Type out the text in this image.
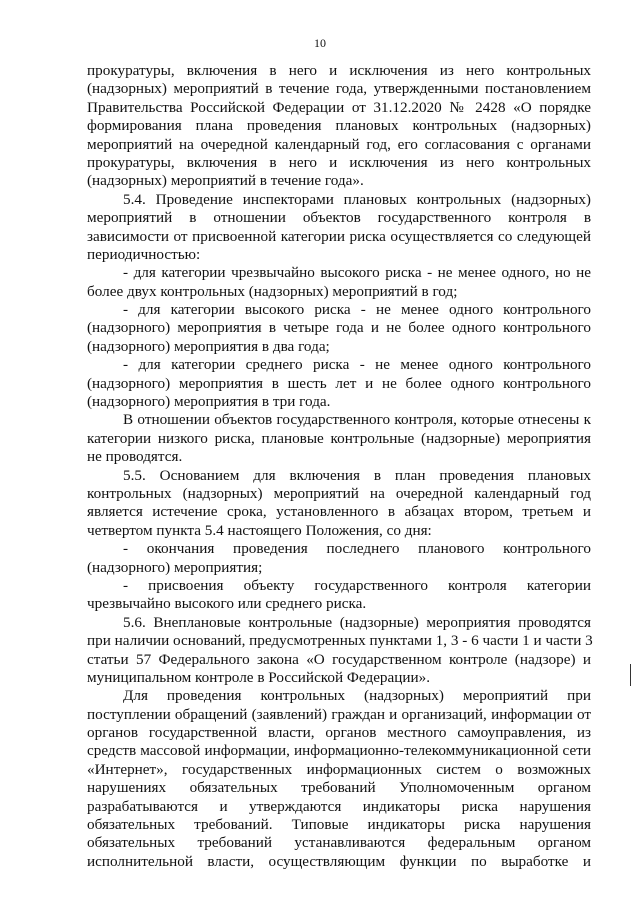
10
прокуратуры, включения в него и исключения из него контрольных
(надзорных) мероприятий в течение года, утвержденными постановлением
Правительства Российской Федерации от 31.12.2020 № 2428 «О порядке
формирования плана проведения плановых контрольных (надзорных)
мероприятий на очередной календарный год, его согласования с органами
прокуратуры, включения в него и исключения из него контрольных
(надзорных) мероприятий в течение года».
5.4. Проведение инспекторами плановых контрольных (надзорных)
мероприятий в отношении объектов государственного контроля в
зависимости от присвоенной категории риска осуществляется со следующей
периодичностью:
- для категории чрезвычайно высокого риска - не менее одного, но не
более двух контрольных (надзорных) мероприятий в год;
- для категории высокого риска - не менее одного контрольного
(надзорного) мероприятия в четыре года и не более одного контрольного
(надзорного) мероприятия в два года;
- для категории среднего риска - не менее одного контрольного
(надзорного) мероприятия в шесть лет и не более одного контрольного
(надзорного) мероприятия в три года.
В отношении объектов государственного контроля, которые отнесены к
категории низкого риска, плановые контрольные (надзорные) мероприятия
не проводятся.
5.5. Основанием для включения в план проведения плановых
контрольных (надзорных) мероприятий на очередной календарный год
является истечение срока, установленного в абзацах втором, третьем и
четвертом пункта 5.4 настоящего Положения, со дня:
- окончания проведения последнего планового контрольного
(надзорного) мероприятия;
- присвоения объекту государственного контроля категории
чрезвычайно высокого или среднего риска.
5.6. Внеплановые контрольные (надзорные) мероприятия проводятся
при наличии оснований, предусмотренных пунктами 1, 3 - 6 части 1 и части 3
статьи 57 Федерального закона «О государственном контроле (надзоре) и
муниципальном контроле в Российской Федерации».
Для проведения контрольных (надзорных) мероприятий при
поступлении обращений (заявлений) граждан и организаций, информации от
органов государственной власти, органов местного самоуправления, из
средств массовой информации, информационно-телекоммуникационной сети
«Интернет», государственных информационных систем о возможных
нарушениях обязательных требований Уполномоченным органом
разрабатываются и утверждаются индикаторы риска нарушения
обязательных требований. Типовые индикаторы риска нарушения
обязательных требований устанавливаются федеральным органом
исполнительной власти, осуществляющим функции по выработке и
